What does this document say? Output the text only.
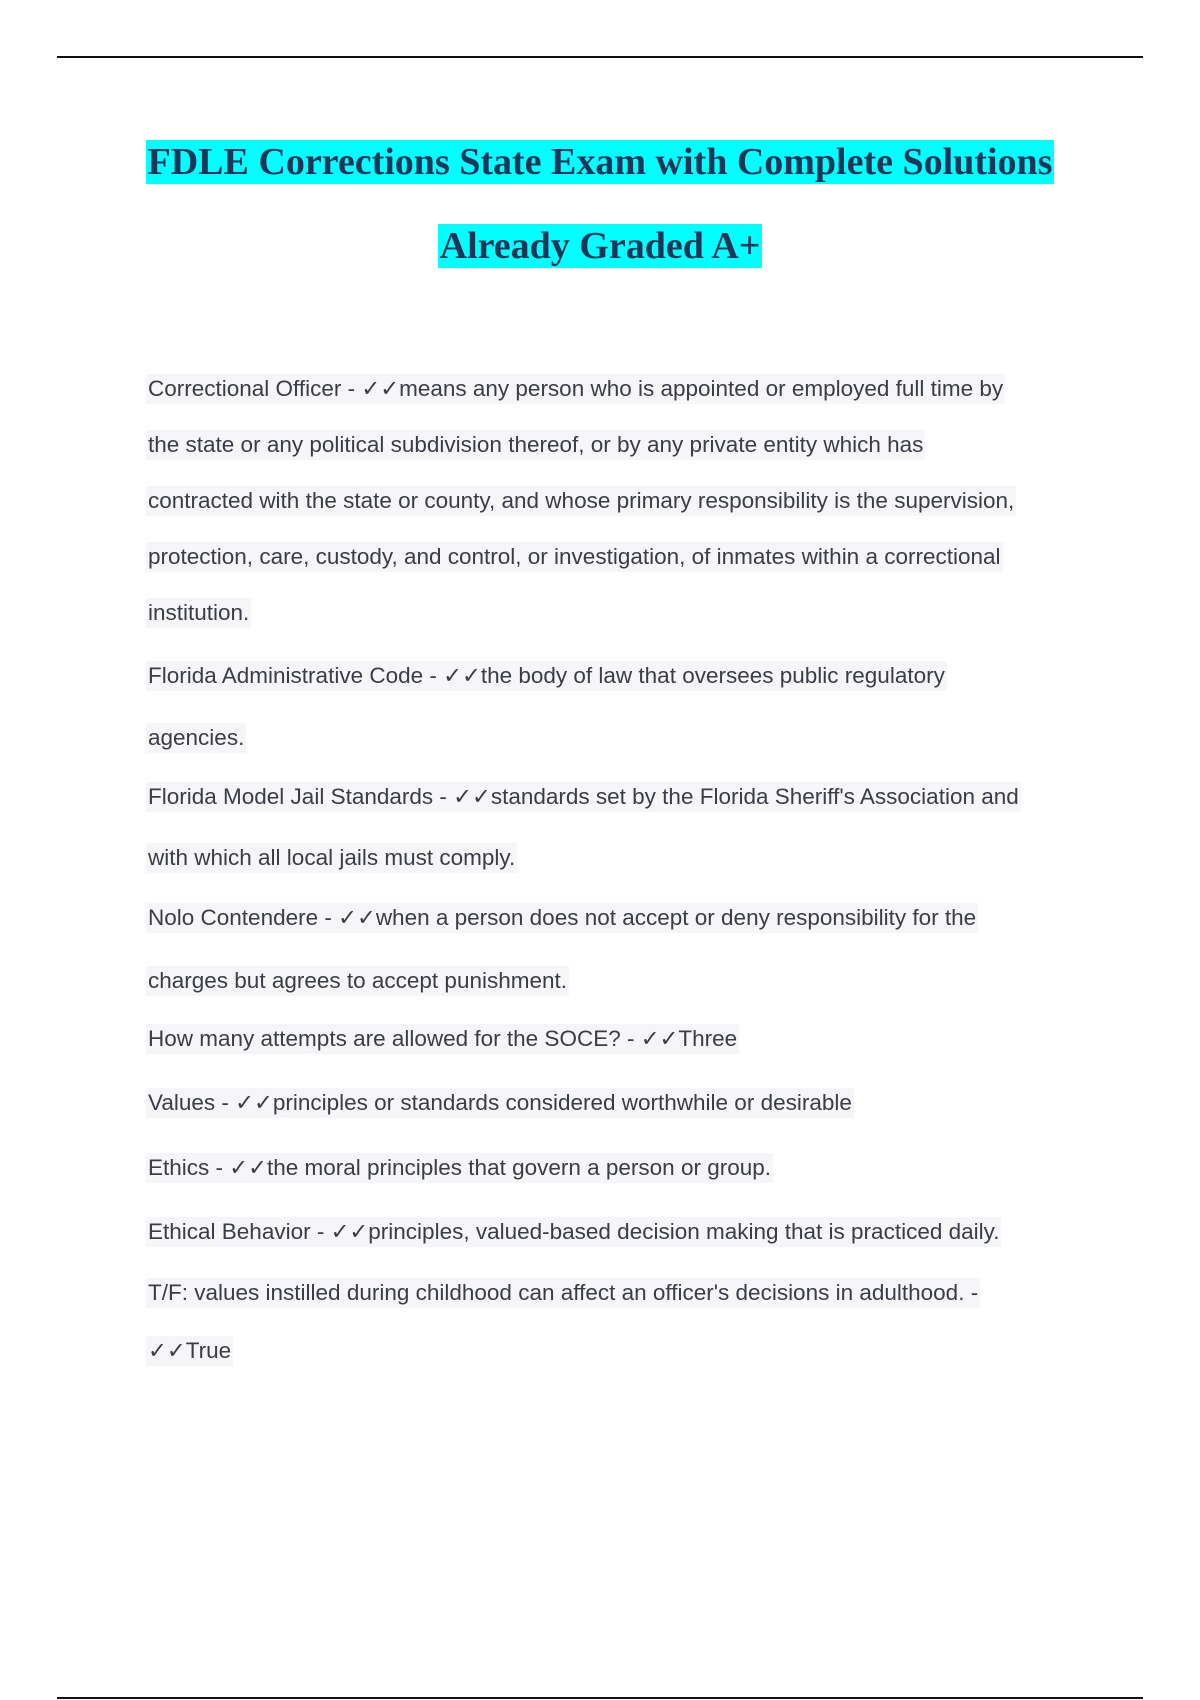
FDLE Corrections State Exam with Complete Solutions
Already Graded A+
Correctional Officer - ✓✓means any person who is appointed or employed full time by
the state or any political subdivision thereof, or by any private entity which has
contracted with the state or county, and whose primary responsibility is the supervision,
protection, care, custody, and control, or investigation, of inmates within a correctional
institution.
Florida Administrative Code - ✓✓the body of law that oversees public regulatory
agencies.
Florida Model Jail Standards - ✓✓standards set by the Florida Sheriff's Association and
with which all local jails must comply.
Nolo Contendere - ✓✓when a person does not accept or deny responsibility for the
charges but agrees to accept punishment.
How many attempts are allowed for the SOCE? - ✓✓Three
Values - ✓✓principles or standards considered worthwhile or desirable
Ethics - ✓✓the moral principles that govern a person or group.
Ethical Behavior - ✓✓principles, valued-based decision making that is practiced daily.
T/F: values instilled during childhood can affect an officer's decisions in adulthood. -
✓✓True
